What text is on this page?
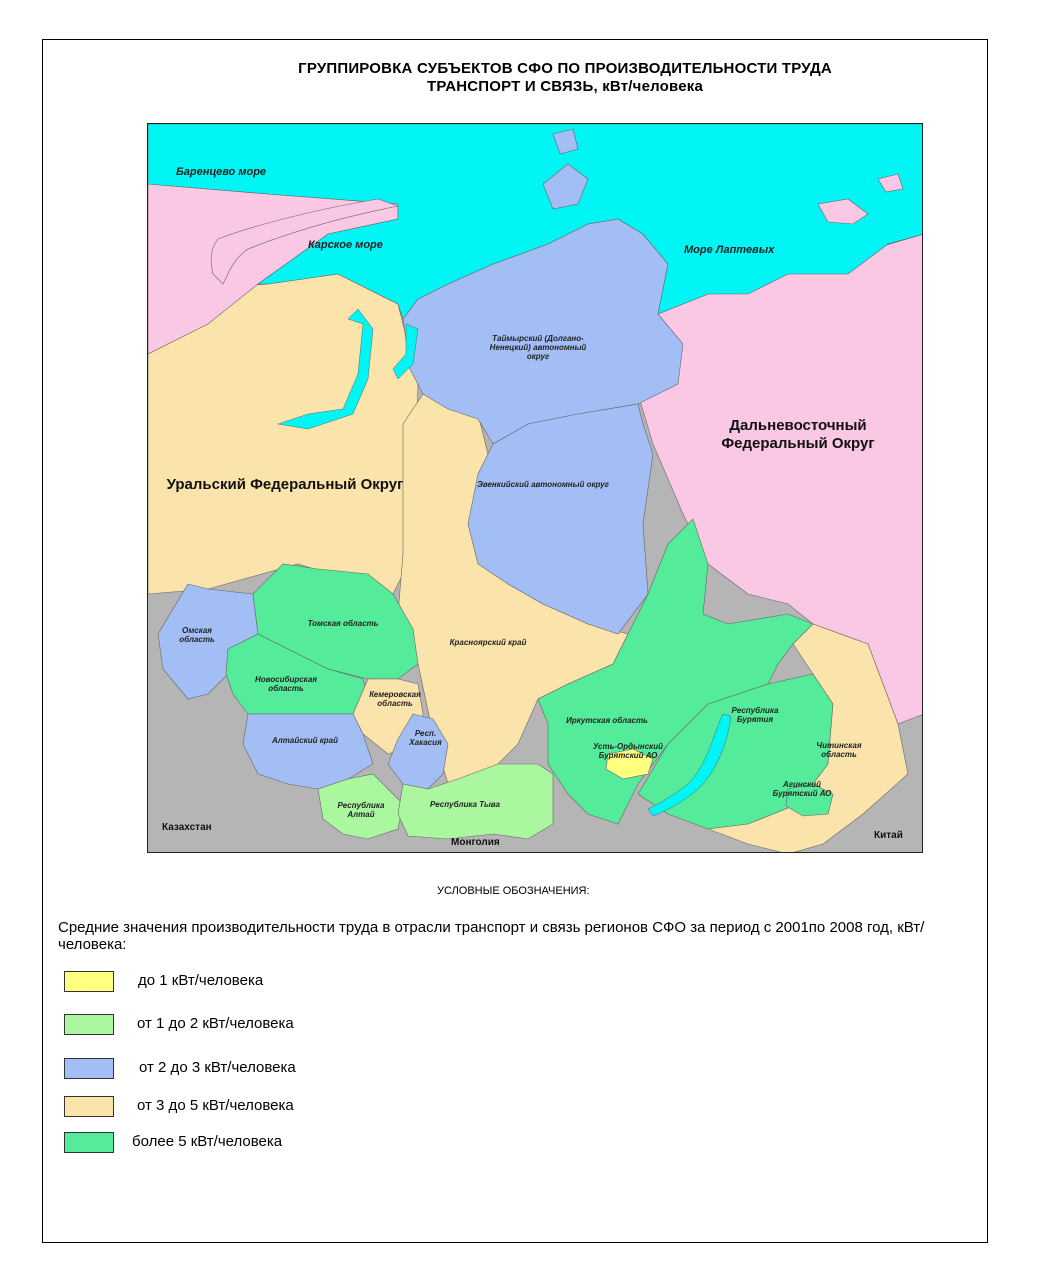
ГРУППИРОВКА СУБЪЕКТОВ СФО ПО ПРОИЗВОДИТЕЛЬНОСТИ ТРУДА
ТРАНСПОРТ И СВЯЗЬ, кВт/человека
Баренцево море
Карское море	Море Лаптевых
Уральский Федеральный Округ
Дальневосточный Федеральный Округ
Казахстан
Монголия
Китай
Таймырский (Долгано-Ненецкий) автономный округ
Эвенкийский автономный округ
Красноярский край
Томская область
Омская область
Новосибирская область
Кемеровская область
Алтайский край
Респ. Хакасия
Республика Алтай
Республика Тыва
Иркутская область
Усть-Ордынский Бурятский АО
Республика Бурятия
Читинская область
Агинский Бурятский АО
УСЛОВНЫЕ ОБОЗНАЧЕНИЯ:
Средние значения производительности труда в отрасли транспорт и связь регионов СФО за период с 2001по 2008 год, кВт/человека:
до 1 кВт/человека
от 1 до 2 кВт/человека
от 2 до 3 кВт/человека
от 3 до 5 кВт/человека
более 5 кВт/человека
